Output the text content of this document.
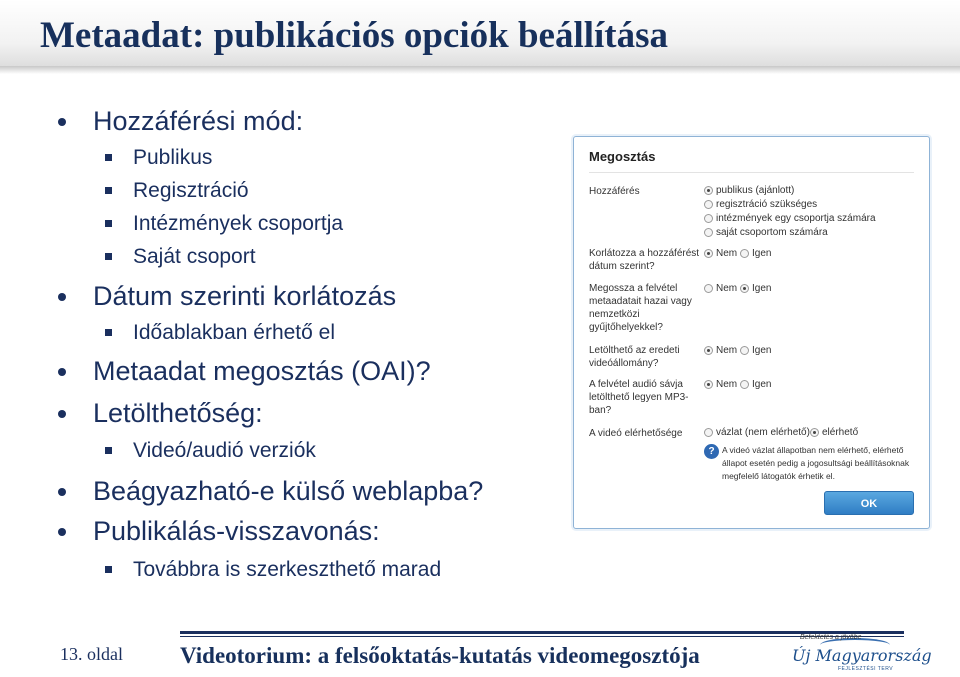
Metaadat: publikációs opciók beállítása
Hozzáférési mód:
Publikus
Regisztráció
Intézmények csoportja
Saját csoport
Dátum szerinti korlátozás
Időablakban érhető el
Metaadat megosztás (OAI)?
Letölthetőség:
Videó/audió verziók
Beágyazható-e külső weblapba?
Publikálás-visszavonás:
Továbbra is szerkeszthető marad
Megosztás
Hozzáférés	publikus (ajánlott)
regisztráció szükséges
intézmények egy csoportja számára
saját csoportom számára
Korlátozza a hozzáférést dátum szerint?
Nem Igen
Megossza a felvétel metaadatait hazai vagy nemzetközi gyűjtőhelyekkel?
Nem Igen
Letölthető az eredeti videóállomány?
Nem Igen
A felvétel audió sávja letölthető legyen MP3-ban?
Nem Igen
A videó elérhetősége	vázlat (nem elérhető) elérhető
? A videó vázlat állapotban nem elérhető, elérhető állapot esetén pedig a jogosultsági beállításoknak megfelelő látogatók érhetik el.
OK
13. oldal Videotorium: a felsőoktatás-kutatás videomegosztója
Befektetés a jövőbe
Új Magyarország
FEJLESZTÉSI TERV
